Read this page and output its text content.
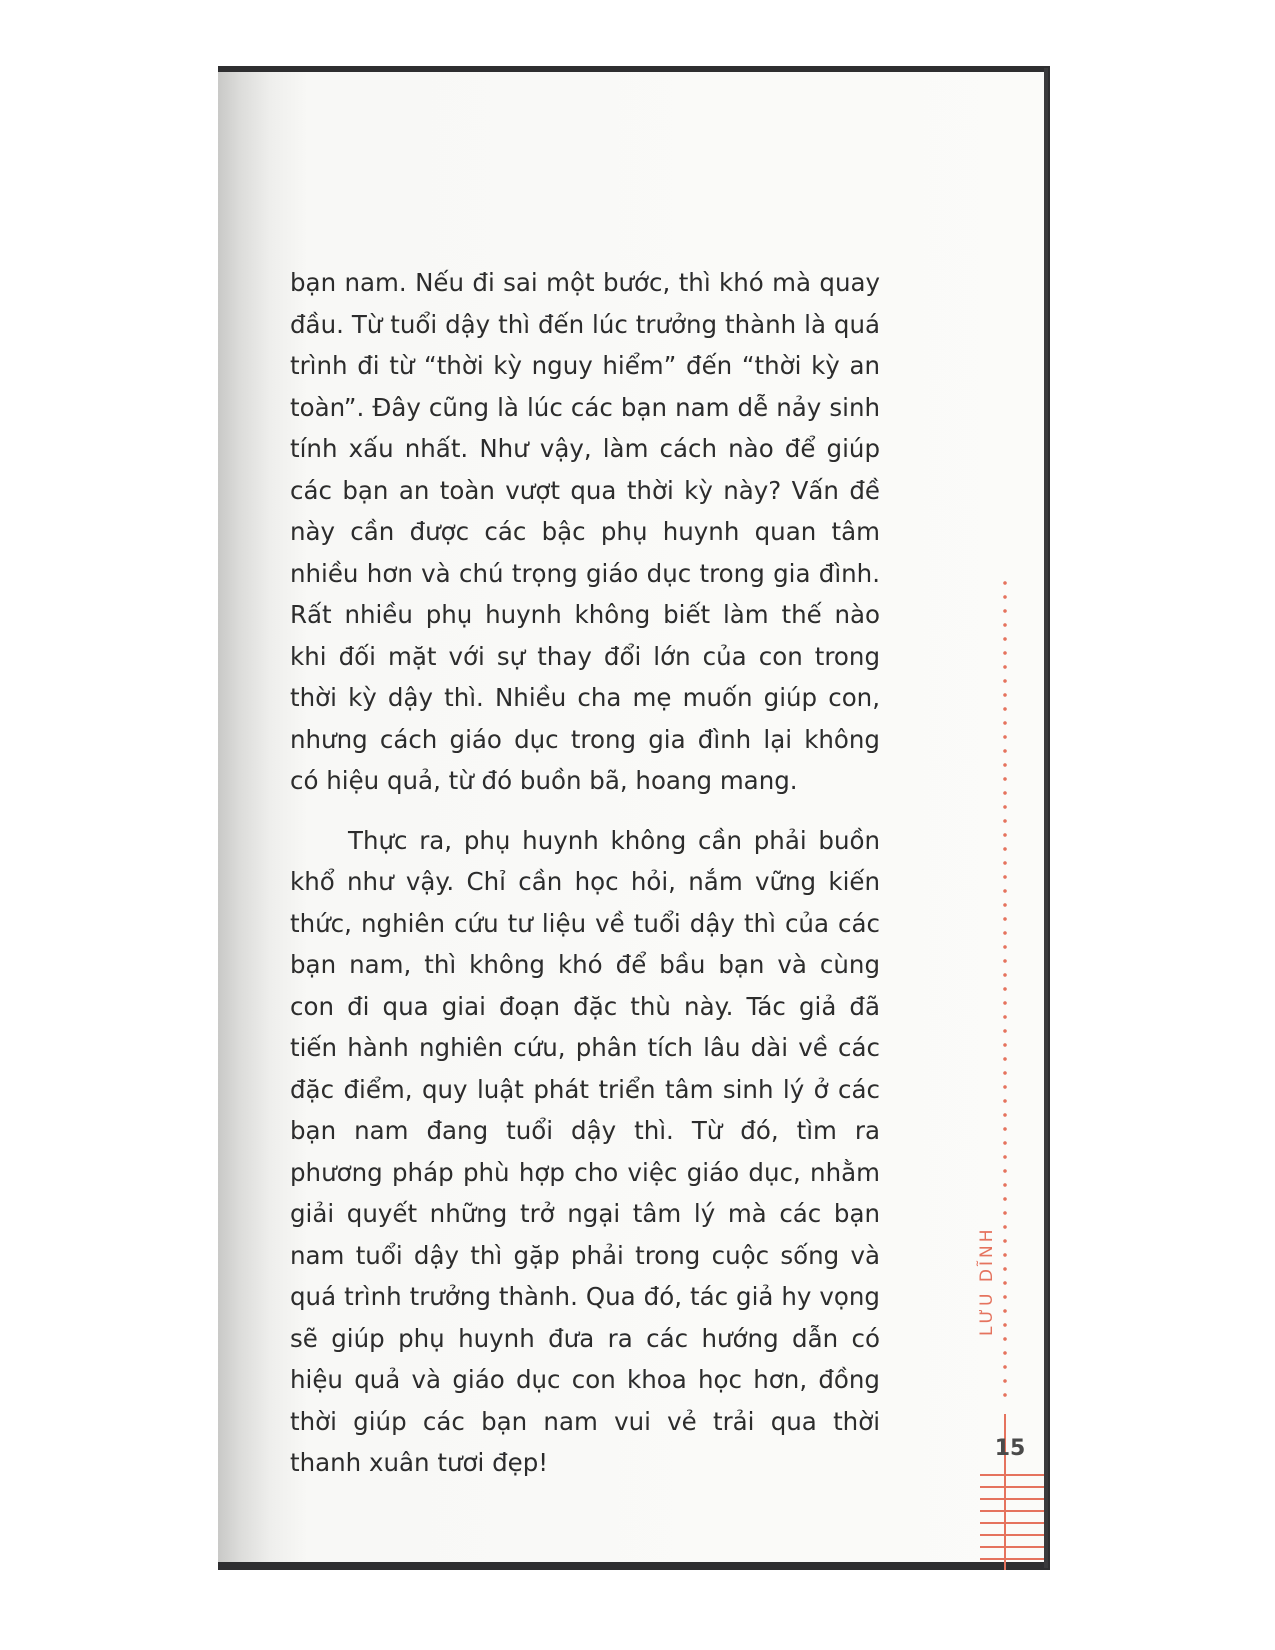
bạn nam. Nếu đi sai một bước, thì khó mà quay đầu. Từ tuổi dậy thì đến lúc trưởng thành là quá trình đi từ “thời kỳ nguy hiểm” đến “thời kỳ an toàn”. Đây cũng là lúc các bạn nam dễ nảy sinh tính xấu nhất. Như vậy, làm cách nào để giúp các bạn an toàn vượt qua thời kỳ này? Vấn đề này cần được các bậc phụ huynh quan tâm nhiều hơn và chú trọng giáo dục trong gia đình. Rất nhiều phụ huynh không biết làm thế nào khi đối mặt với sự thay đổi lớn của con trong thời kỳ dậy thì. Nhiều cha mẹ muốn giúp con, nhưng cách giáo dục trong gia đình lại không có hiệu quả, từ đó buồn bã, hoang mang.

Thực ra, phụ huynh không cần phải buồn khổ như vậy. Chỉ cần học hỏi, nắm vững kiến thức, nghiên cứu tư liệu về tuổi dậy thì của các bạn nam, thì không khó để bầu bạn và cùng con đi qua giai đoạn đặc thù này. Tác giả đã tiến hành nghiên cứu, phân tích lâu dài về các đặc điểm, quy luật phát triển tâm sinh lý ở các bạn nam đang tuổi dậy thì. Từ đó, tìm ra phương pháp phù hợp cho việc giáo dục, nhằm giải quyết những trở ngại tâm lý mà các bạn nam tuổi dậy thì gặp phải trong cuộc sống và quá trình trưởng thành. Qua đó, tác giả hy vọng sẽ giúp phụ huynh đưa ra các hướng dẫn có hiệu quả và giáo dục con khoa học hơn, đồng thời giúp các bạn nam vui vẻ trải qua thời thanh xuân tươi đẹp!

LƯU DĨNH
15
